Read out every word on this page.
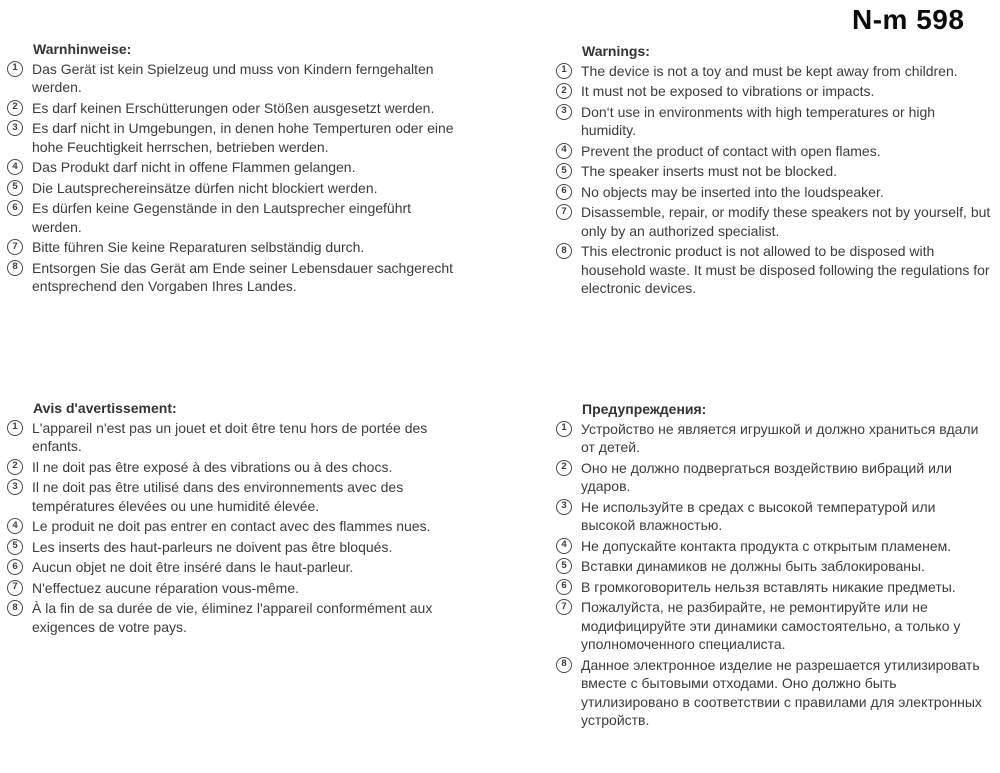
N-m 598
Warnhinweise:
1	Das Gerät ist kein Spielzeug und muss von Kindern ferngehalten werden.
2	Es darf keinen Erschütterungen oder Stößen ausgesetzt werden.
3	Es darf nicht in Umgebungen, in denen hohe Temperturen oder eine hohe Feuchtigkeit herrschen, betrieben werden.
4	Das Produkt darf nicht in offene Flammen gelangen.
5	Die Lautsprechereinsätze dürfen nicht blockiert werden.
6	Es dürfen keine Gegenstände in den Lautsprecher eingeführt werden.
7	Bitte führen Sie keine Reparaturen selbständig durch.
8	Entsorgen Sie das Gerät am Ende seiner Lebensdauer sachgerecht entsprechend den Vorgaben Ihres Landes.
Warnings:
1	The device is not a toy and must be kept away from children.
2	It must not be exposed to vibrations or impacts.
3	Don‘t use in environments with high temperatures or high humidity.
4	Prevent the product of contact with open flames.
5	The speaker inserts must not be blocked.
6	No objects may be inserted into the loudspeaker.
7	Disassemble, repair, or modify these speakers not by yourself, but only by an authorized specialist.
8	This electronic product is not allowed to be disposed with household waste. It must be disposed following the regulations for electronic devices.
Avis d'avertissement:
1	L'appareil n'est pas un jouet et doit être tenu hors de portée des enfants.
2	Il ne doit pas être exposé à des vibrations ou à des chocs.
3	Il ne doit pas être utilisé dans des environnements avec des températures élevées ou une humidité élevée.
4	Le produit ne doit pas entrer en contact avec des flammes nues.
5	Les inserts des haut-parleurs ne doivent pas être bloqués.
6	Aucun objet ne doit être inséré dans le haut-parleur.
7	N'effectuez aucune réparation vous-même.
8	À la fin de sa durée de vie, éliminez l'appareil conformément aux exigences de votre pays.
Предупреждения:
1	Устройство не является игрушкой и должно храниться вдали от детей.
2	Оно не должно подвергаться воздействию вибраций или ударов.
3	Не используйте в средах с высокой температурой или высокой влажностью.
4	Не допускайте контакта продукта с открытым пламенем.
5	Вставки динамиков не должны быть заблокированы.
6	В громкоговоритель нельзя вставлять никакие предметы.
7	Пожалуйста, не разбирайте, не ремонтируйте или не модифицируйте эти динамики самостоятельно, а только у уполномоченного специалиста.
8	Данное электронное изделие не разрешается утилизировать вместе с бытовыми отходами. Оно должно быть утилизировано в соответствии с правилами для электронных устройств.
